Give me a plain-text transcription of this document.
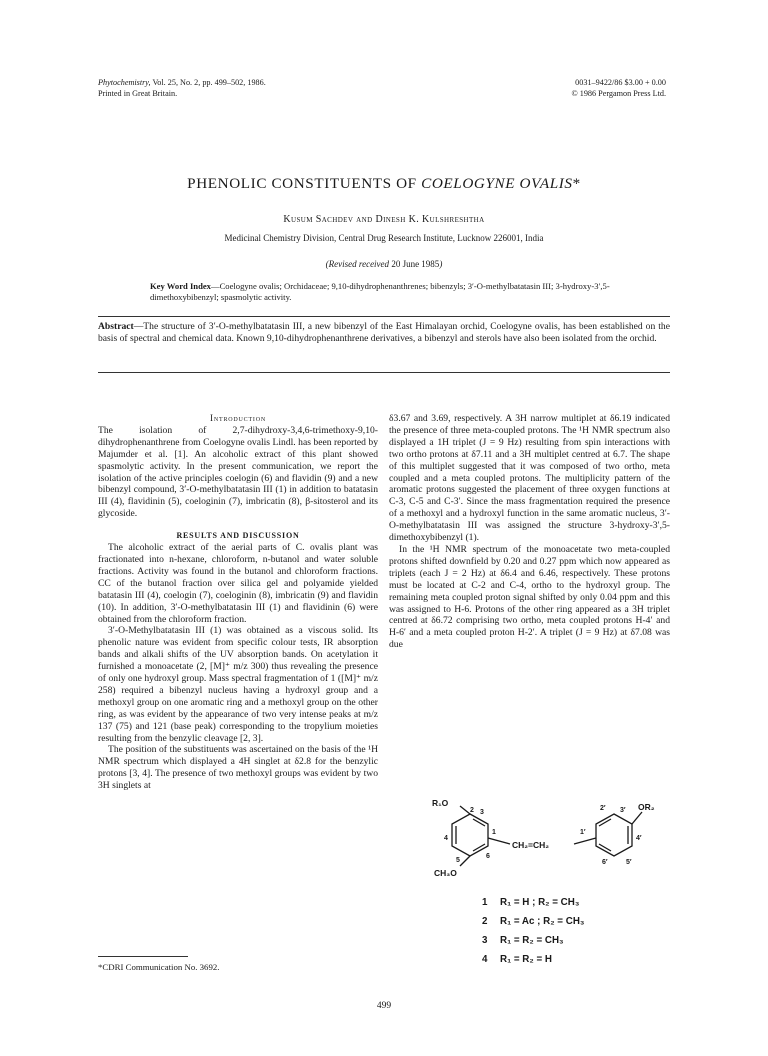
Phytochemistry, Vol. 25, No. 2, pp. 499–502, 1986.
Printed in Great Britain.
0031–9422/86 $3.00 + 0.00
© 1986 Pergamon Press Ltd.
PHENOLIC CONSTITUENTS OF COELOGYNE OVALIS*
Kusum Sachdev and Dinesh K. Kulshreshtha
Medicinal Chemistry Division, Central Drug Research Institute, Lucknow 226001, India
(Revised received 20 June 1985)
Key Word Index—Coelogyne ovalis; Orchidaceae; 9,10-dihydrophenanthrenes; bibenzyls; 3′-O-methylbatatasin III; 3-hydroxy-3′,5-dimethoxybibenzyl; spasmolytic activity.
Abstract—The structure of 3′-O-methylbatatasin III, a new bibenzyl of the East Himalayan orchid, Coelogyne ovalis, has been established on the basis of spectral and chemical data. Known 9,10-dihydrophenanthrene derivatives, a bibenzyl and sterols have also been isolated from the orchid.

Introduction

The isolation of 2,7-dihydroxy-3,4,6-trimethoxy-9,10-dihydrophenanthrene from Coelogyne ovalis Lindl. has been reported by Majumder et al. [1]. An alcoholic extract of this plant showed spasmolytic activity. In the present communication, we report the isolation of the active principles coelogin (6) and flavidin (9) and a new bibenzyl compound, 3′-O-methylbatatasin III (1) in addition to batatasin III (4), flavidinin (5), coeloginin (7), imbricatin (8), β-sitosterol and its glycoside.

RESULTS AND DISCUSSION

The alcoholic extract of the aerial parts of C. ovalis plant was fractionated into n-hexane, chloroform, n-butanol and water soluble fractions. Activity was found in the butanol and chloroform fractions. CC of the butanol fraction over silica gel and polyamide yielded batatasin III (4), coelogin (7), coeloginin (8), imbricatin (9) and flavidin (10). In addition, 3′-O-methylbatatasin III (1) and flavidinin (6) were obtained from the chloroform fraction.

3′-O-Methylbatatasin III (1) was obtained as a viscous solid. Its phenolic nature was evident from specific colour tests, IR absorption bands and alkali shifts of the UV absorption bands. On acetylation it furnished a monoacetate (2, [M]⁺ m/z 300) thus revealing the presence of only one hydroxyl group. Mass spectral fragmentation of 1 ([M]⁺ m/z 258) required a bibenzyl nucleus having a hydroxyl group and a methoxyl group on one aromatic ring and a methoxyl group on the other ring, as was evident by the appearance of two very intense peaks at m/z 137 (75) and 121 (base peak) corresponding to the tropylium moieties resulting from the benzylic cleavage [2, 3].

The position of the substituents was ascertained on the basis of the ¹H NMR spectrum which displayed a 4H singlet at δ2.8 for the benzylic protons [3, 4]. The presence of two methoxyl groups was evident by two 3H singlets at

δ3.67 and 3.69, respectively. A 3H narrow multiplet at δ6.19 indicated the presence of three meta-coupled protons. The ¹H NMR spectrum also displayed a 1H triplet (J = 9 Hz) resulting from spin interactions with two ortho protons at δ7.11 and a 3H multiplet centred at 6.7. The shape of this multiplet suggested that it was composed of two ortho, meta coupled and a meta coupled protons. The multiplicity pattern of the aromatic protons suggested the placement of three oxygen functions at C-3, C-5 and C-3′. Since the mass fragmentation required the presence of a methoxyl and a hydroxyl function in the same aromatic nucleus, 3′-O-methylbatatasin III was assigned the structure 3-hydroxy-3′,5-dimethoxybibenzyl (1).

In the ¹H NMR spectrum of the monoacetate two meta-coupled protons shifted downfield by 0.20 and 0.27 ppm which now appeared as triplets (each J = 2 Hz) at δ6.4 and 6.46, respectively. These protons must be located at C-2 and C-4, ortho to the hydroxyl group. The remaining meta coupled proton signal shifted by only 0.04 ppm and this was assigned to H-6. Protons of the other ring appeared as a 3H triplet centred at δ6.72 comprising two ortho, meta coupled protons H-4′ and H-6′ and a meta coupled proton H-2′. A triplet (J = 9 Hz) at δ7.08 was due

R₁O
2 3
4
5
6
1
CH₃O
CH₂=CH₂
2′
1′
4′
5′
6′
3′ OR₂
1 R₁ = H ; R₂ = CH₃
2 R₁ = Ac ; R₂ = CH₃
3 R₁ = R₂ = CH₃
4 R₁ = R₂ = H
*CDRI Communication No. 3692.
499
